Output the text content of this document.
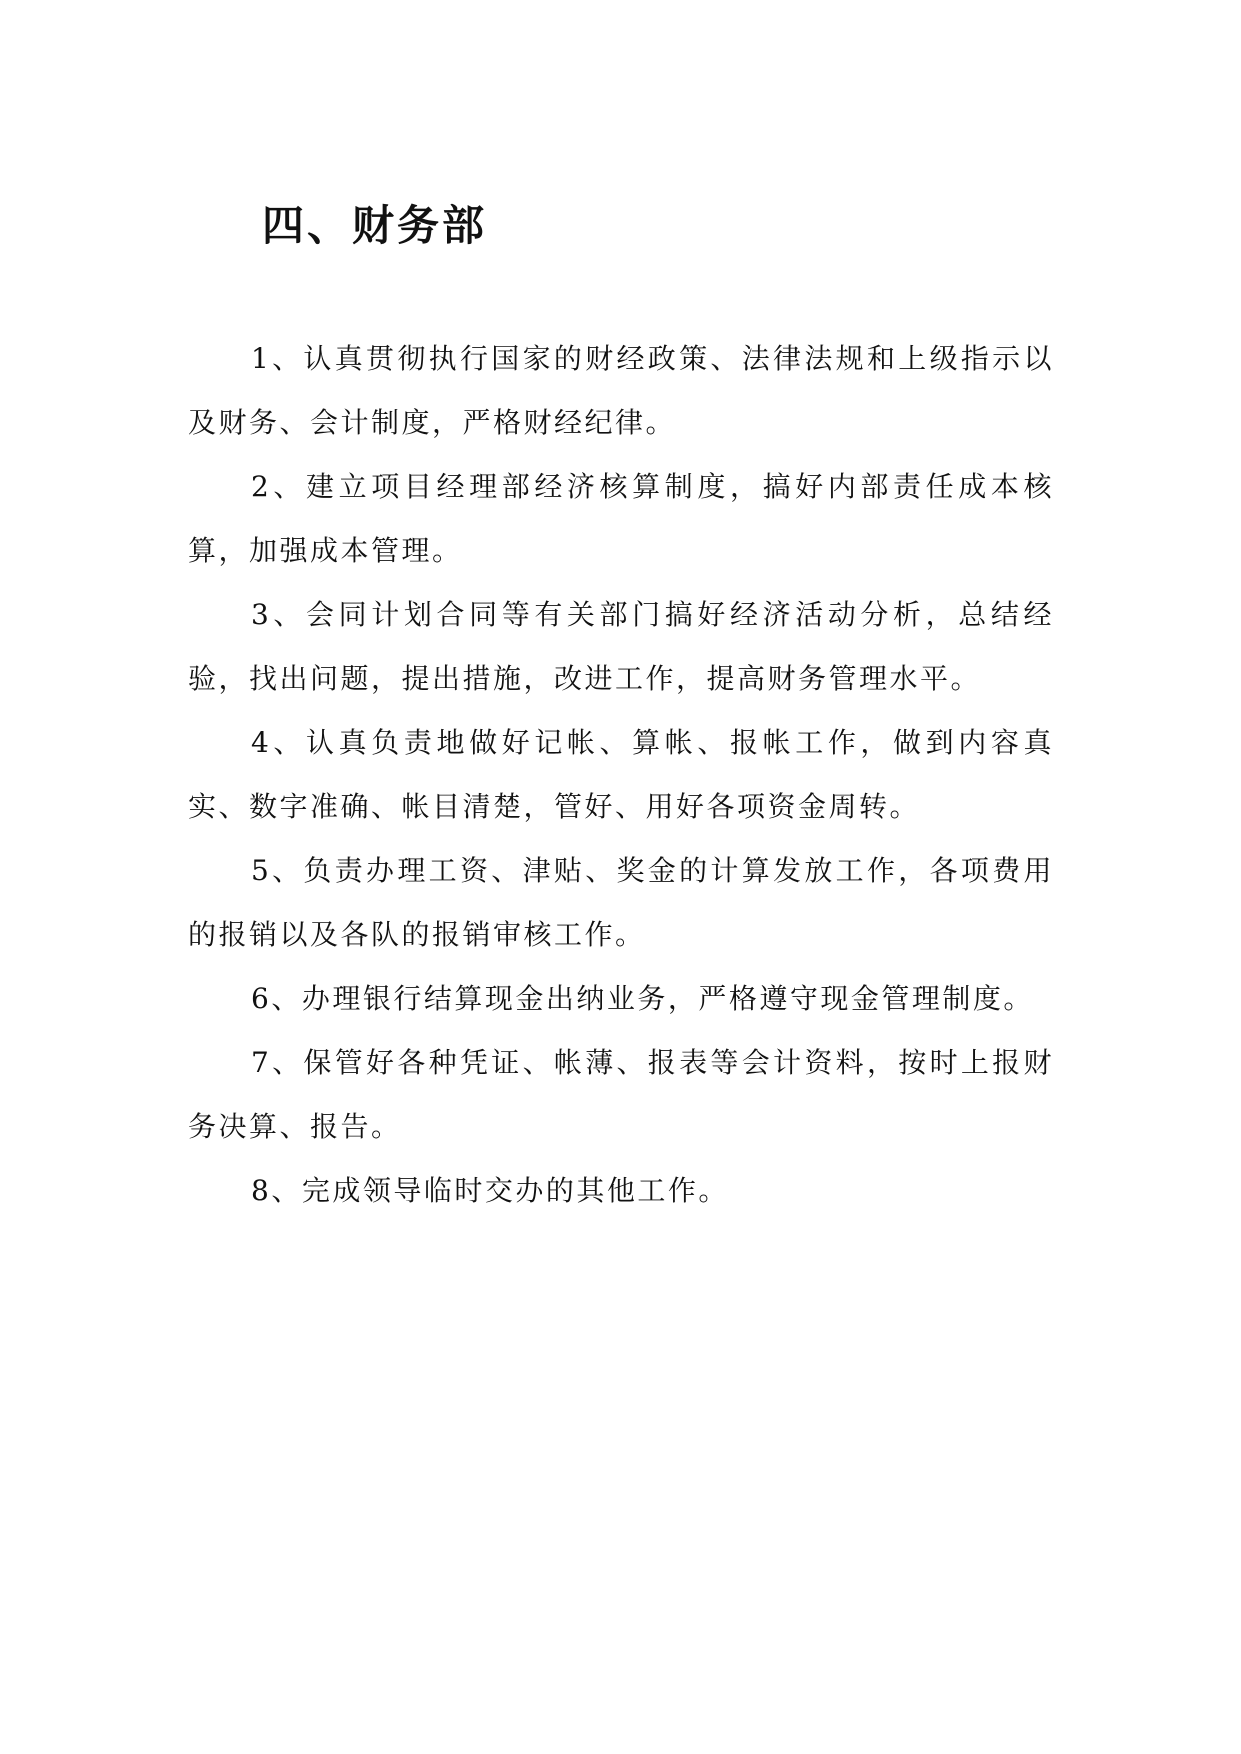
四、财务部

1、认真贯彻执行国家的财经政策、法律法规和上级指示以及财务、会计制度，严格财经纪律。

2、建立项目经理部经济核算制度，搞好内部责任成本核算，加强成本管理。

3、会同计划合同等有关部门搞好经济活动分析，总结经验，找出问题，提出措施，改进工作，提高财务管理水平。

4、认真负责地做好记帐、算帐、报帐工作，做到内容真实、数字准确、帐目清楚，管好、用好各项资金周转。

5、负责办理工资、津贴、奖金的计算发放工作，各项费用的报销以及各队的报销审核工作。

6、办理银行结算现金出纳业务，严格遵守现金管理制度。

7、保管好各种凭证、帐薄、报表等会计资料，按时上报财务决算、报告。

8、完成领导临时交办的其他工作。
